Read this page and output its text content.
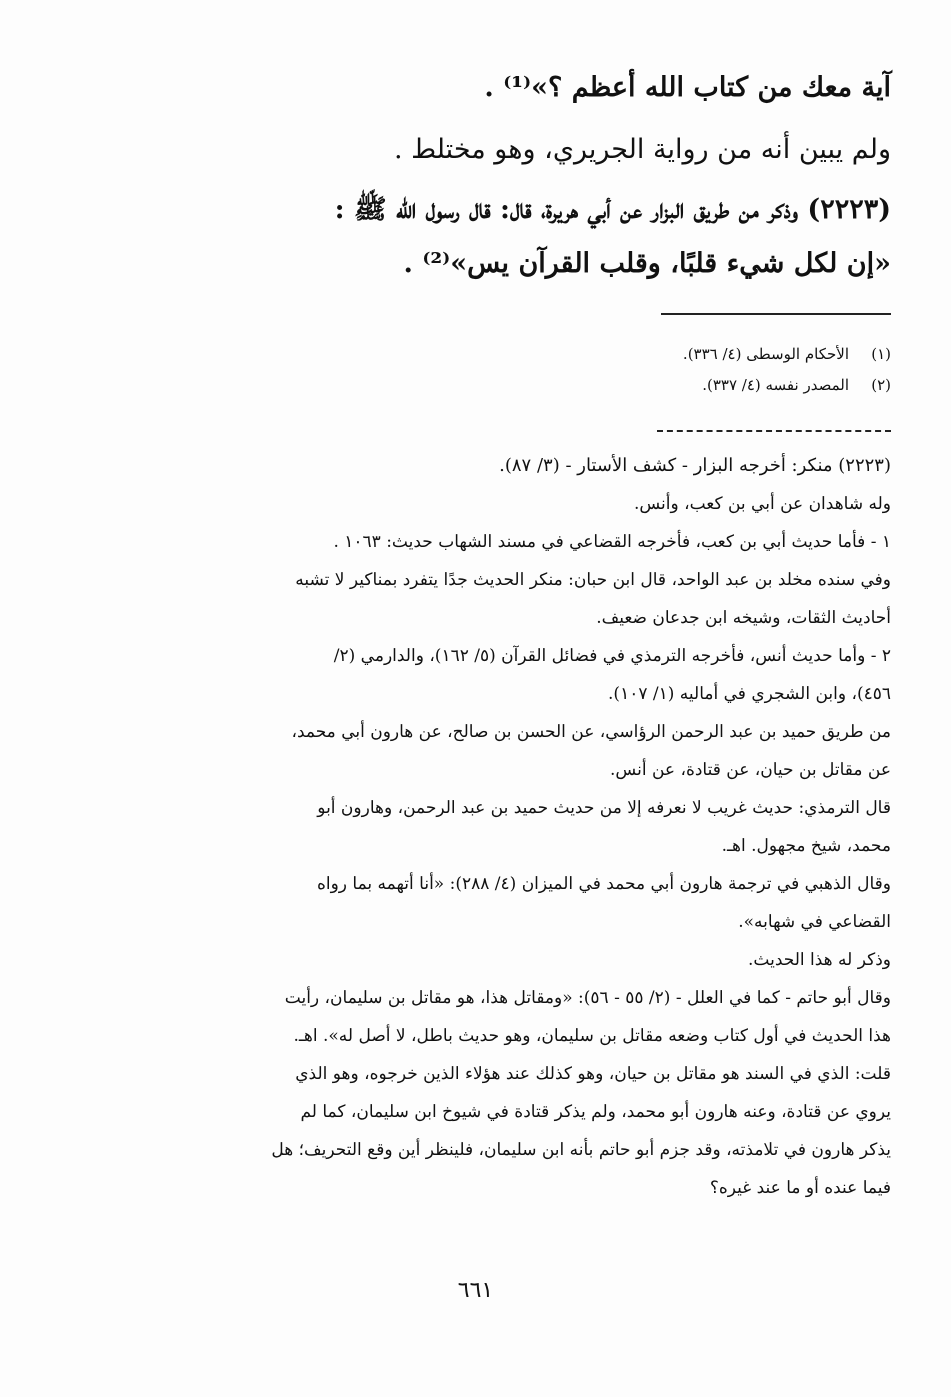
آية معك من كتاب الله أعظم ؟»⁽¹⁾ .
ولم يبين أنه من رواية الجريري، وهو مختلط .
(٢٢٢٣) وذكر من طريق البزار عن أبي هريرة، قال: قال رسول الله ﷺ :
«إن لكل شيء قلبًا، وقلب القرآن يس»⁽²⁾ .
(١)الأحكام الوسطى (٤/ ٣٣٦).
(٢)المصدر نفسه (٤/ ٣٣٧).
(٢٢٢٣) منكر: أخرجه البزار - كشف الأستار - (٣/ ٨٧).
وله شاهدان عن أبي بن كعب، وأنس.
١ - فأما حديث أبي بن كعب، فأخرجه القضاعي في مسند الشهاب حديث: ١٠٦٣ .
وفي سنده مخلد بن عبد الواحد، قال ابن حبان: منكر الحديث جدًا يتفرد بمناكير لا تشبه
أحاديث الثقات، وشيخه ابن جدعان ضعيف.
٢ - وأما حديث أنس، فأخرجه الترمذي في فضائل القرآن (٥/ ١٦٢)، والدارمي (٢/
٤٥٦)، وابن الشجري في أماليه (١/ ١٠٧).
من طريق حميد بن عبد الرحمن الرؤاسي، عن الحسن بن صالح، عن هارون أبي محمد،
عن مقاتل بن حيان، عن قتادة، عن أنس.
قال الترمذي: حديث غريب لا نعرفه إلا من حديث حميد بن عبد الرحمن، وهارون أبو
محمد، شيخ مجهول. اهـ.
وقال الذهبي في ترجمة هارون أبي محمد في الميزان (٤/ ٢٨٨): «أنا أتهمه بما رواه
القضاعي في شهابه».
وذكر له هذا الحديث.
وقال أبو حاتم - كما في العلل - (٢/ ٥٥ - ٥٦): «ومقاتل هذا، هو مقاتل بن سليمان، رأيت
هذا الحديث في أول كتاب وضعه مقاتل بن سليمان، وهو حديث باطل، لا أصل له». اهـ.
قلت: الذي في السند هو مقاتل بن حيان، وهو كذلك عند هؤلاء الذين خرجوه، وهو الذي
يروي عن قتادة، وعنه هارون أبو محمد، ولم يذكر قتادة في شيوخ ابن سليمان، كما لم
يذكر هارون في تلامذته، وقد جزم أبو حاتم بأنه ابن سليمان، فلينظر أين وقع التحريف؛ هل
فيما عنده أو ما عند غيره؟
٦٦١
